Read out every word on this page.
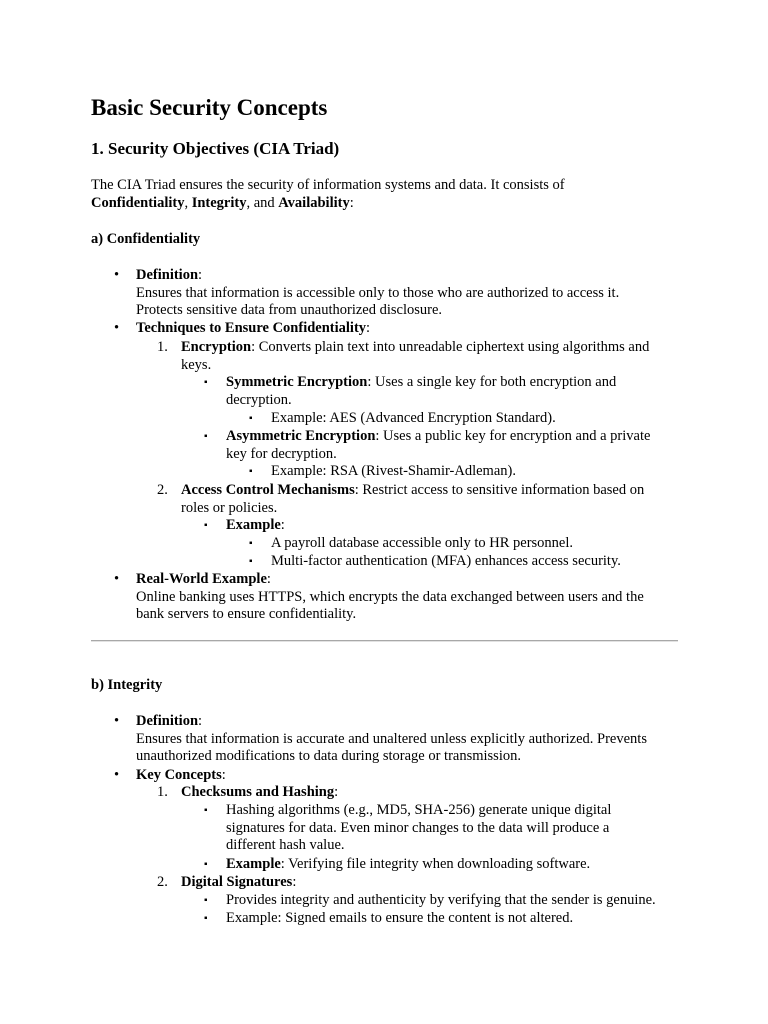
Basic Security Concepts
1. Security Objectives (CIA Triad)
The CIA Triad ensures the security of information systems and data. It consists of
Confidentiality, Integrity, and Availability:
a) Confidentiality
• Definition:
Ensures that information is accessible only to those who are authorized to access it.
Protects sensitive data from unauthorized disclosure.
• Techniques to Ensure Confidentiality:
1. Encryption: Converts plain text into unreadable ciphertext using algorithms and
keys.
▪ Symmetric Encryption: Uses a single key for both encryption and
decryption.
▪ Example: AES (Advanced Encryption Standard).
▪ Asymmetric Encryption: Uses a public key for encryption and a private
key for decryption.
▪ Example: RSA (Rivest-Shamir-Adleman).
2. Access Control Mechanisms: Restrict access to sensitive information based on
roles or policies.
▪ Example:
▪ A payroll database accessible only to HR personnel.
▪ Multi-factor authentication (MFA) enhances access security.
• Real-World Example:
Online banking uses HTTPS, which encrypts the data exchanged between users and the
bank servers to ensure confidentiality.
b) Integrity
• Definition:
Ensures that information is accurate and unaltered unless explicitly authorized. Prevents
unauthorized modifications to data during storage or transmission.
• Key Concepts:
1. Checksums and Hashing:
▪ Hashing algorithms (e.g., MD5, SHA-256) generate unique digital
signatures for data. Even minor changes to the data will produce a
different hash value.
▪ Example: Verifying file integrity when downloading software.
2. Digital Signatures:
▪ Provides integrity and authenticity by verifying that the sender is genuine.
▪ Example: Signed emails to ensure the content is not altered.
